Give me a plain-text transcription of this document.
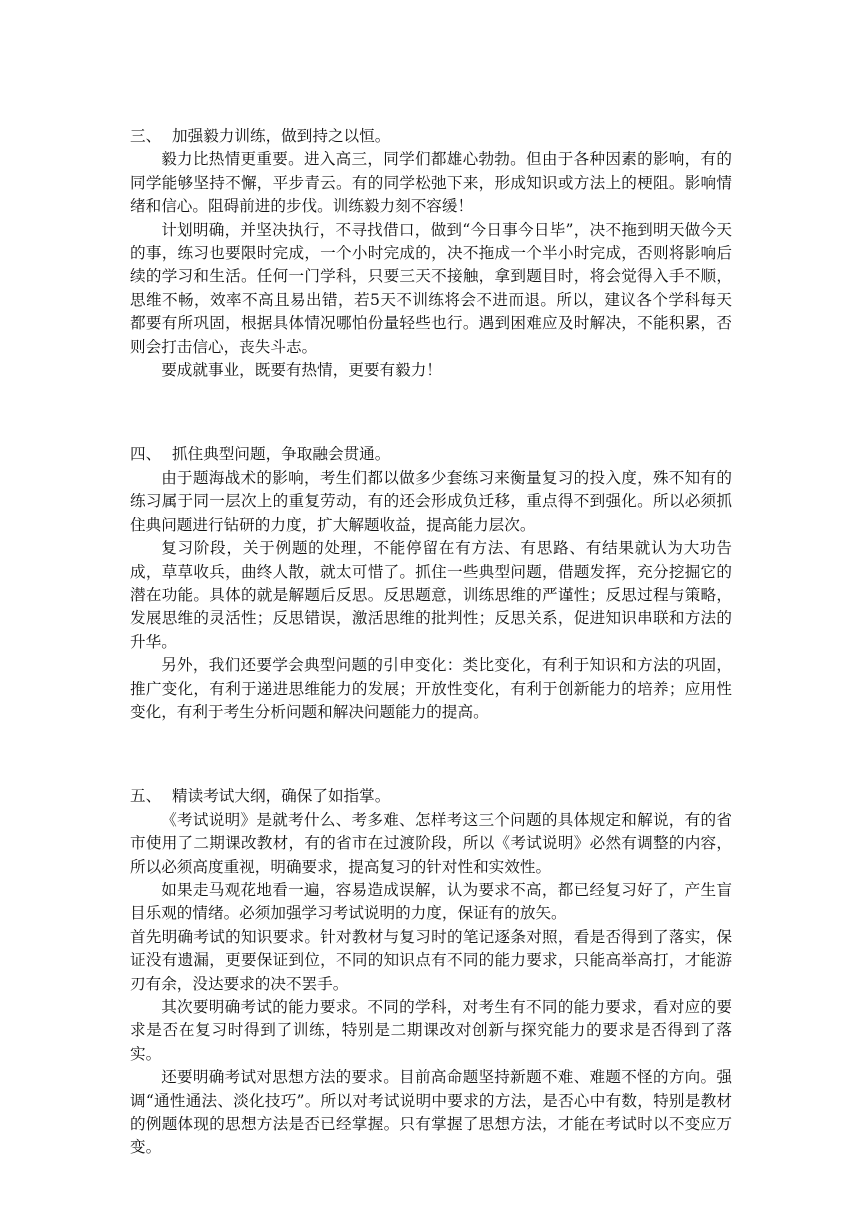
三、 加强毅力训练，做到持之以恒。

毅力比热情更重要。进入高三，同学们都雄心勃勃。但由于各种因素的影响，有的同学能够坚持不懈，平步青云。有的同学松弛下来，形成知识或方法上的梗阻。影响情绪和信心。阻碍前进的步伐。训练毅力刻不容缓！

计划明确，并坚决执行，不寻找借口，做到“今日事今日毕”，决不拖到明天做今天的事，练习也要限时完成，一个小时完成的，决不拖成一个半小时完成，否则将影响后续的学习和生活。任何一门学科，只要三天不接触，拿到题目时，将会觉得入手不顺，思维不畅，效率不高且易出错，若5天不训练将会不进而退。所以，建议各个学科每天都要有所巩固，根据具体情况哪怕份量轻些也行。遇到困难应及时解决，不能积累，否则会打击信心，丧失斗志。

要成就事业，既要有热情，更要有毅力！

四、 抓住典型问题，争取融会贯通。

由于题海战术的影响，考生们都以做多少套练习来衡量复习的投入度，殊不知有的练习属于同一层次上的重复劳动，有的还会形成负迁移，重点得不到强化。所以必须抓住典问题进行钻研的力度，扩大解题收益，提高能力层次。

复习阶段，关于例题的处理，不能停留在有方法、有思路、有结果就认为大功告成，草草收兵，曲终人散，就太可惜了。抓住一些典型问题，借题发挥，充分挖掘它的潜在功能。具体的就是解题后反思。反思题意，训练思维的严谨性；反思过程与策略，发展思维的灵活性；反思错误，激活思维的批判性；反思关系，促进知识串联和方法的升华。

另外，我们还要学会典型问题的引申变化：类比变化，有利于知识和方法的巩固，推广变化，有利于递进思维能力的发展；开放性变化，有利于创新能力的培养；应用性变化，有利于考生分析问题和解决问题能力的提高。

五、 精读考试大纲，确保了如指掌。

《考试说明》是就考什么、考多难、怎样考这三个问题的具体规定和解说，有的省市使用了二期课改教材，有的省市在过渡阶段，所以《考试说明》必然有调整的内容，所以必须高度重视，明确要求，提高复习的针对性和实效性。

如果走马观花地看一遍，容易造成误解，认为要求不高，都已经复习好了，产生盲目乐观的情绪。必须加强学习考试说明的力度，保证有的放矢。

首先明确考试的知识要求。针对教材与复习时的笔记逐条对照，看是否得到了落实，保证没有遗漏，更要保证到位，不同的知识点有不同的能力要求，只能高举高打，才能游刃有余，没达要求的决不罢手。

其次要明确考试的能力要求。不同的学科，对考生有不同的能力要求，看对应的要求是否在复习时得到了训练，特别是二期课改对创新与探究能力的要求是否得到了落实。

还要明确考试对思想方法的要求。目前高命题坚持新题不难、难题不怪的方向。强调“通性通法、淡化技巧”。所以对考试说明中要求的方法，是否心中有数，特别是教材的例题体现的思想方法是否已经掌握。只有掌握了思想方法，才能在考试时以不变应万变。
